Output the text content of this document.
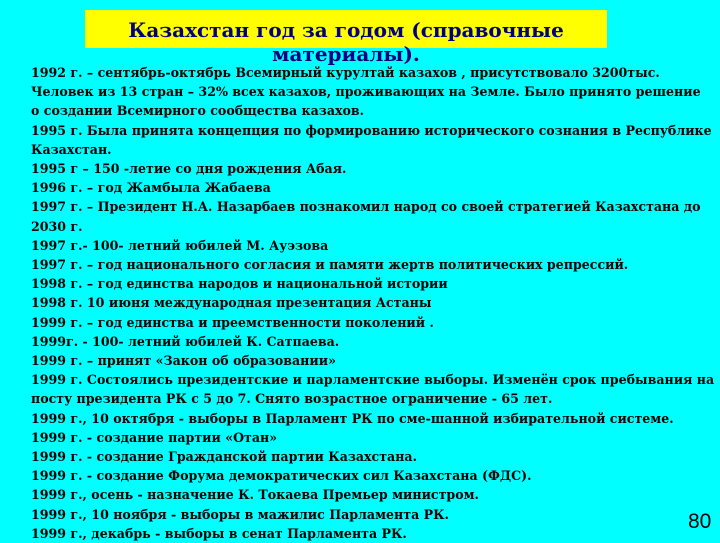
Казахстан год за годом (справочные
материалы).
1992 г. – сентябрь-октябрь Всемирный курултай казахов , присутствовало 3200тыс.
Человек из 13 стран – 32% всех казахов, проживающих на Земле. Было принято решение
о создании Всемирного сообщества казахов.
1995 г. Была принята концепция по формированию исторического сознания в Республике
Казахстан.
1995 г – 150 -летие со дня рождения Абая.
1996 г. – год Жамбыла Жабаева
1997 г. – Президент Н.А. Назарбаев познакомил народ со своей стратегией Казахстана до
2030 г.
1997 г.- 100- летний юбилей М. Ауэзова
1997 г. – год национального согласия и памяти жертв политических репрессий.
1998 г. – год единства народов и национальной истории
1998 г. 10 июня международная презентация Астаны
1999 г. – год единства и преемственности поколений .
1999г. - 100- летний юбилей К. Сатпаева.
1999 г. – принят «Закон об образовании»
1999 г. Состоялись президентские и парламентские выборы. Изменён срок пребывания на
посту президента РК с 5 до 7. Снято возрастное ограничение - 65 лет.
1999 г., 10 октября - выборы в Парламент РК по сме-шанной избирательной системе.
1999 г. - создание партии «Отан»
1999 г. - создание Гражданской партии Казахстана.
1999 г. - создание Форума демократических сил Казахстана (ФДС).
1999 г., осень - назначение К. Токаева Премьер министром.
1999 г., 10 ноября - выборы в мажилис Парламента РК.
1999 г., декабрь - выборы в сенат Парламента РК.
80
